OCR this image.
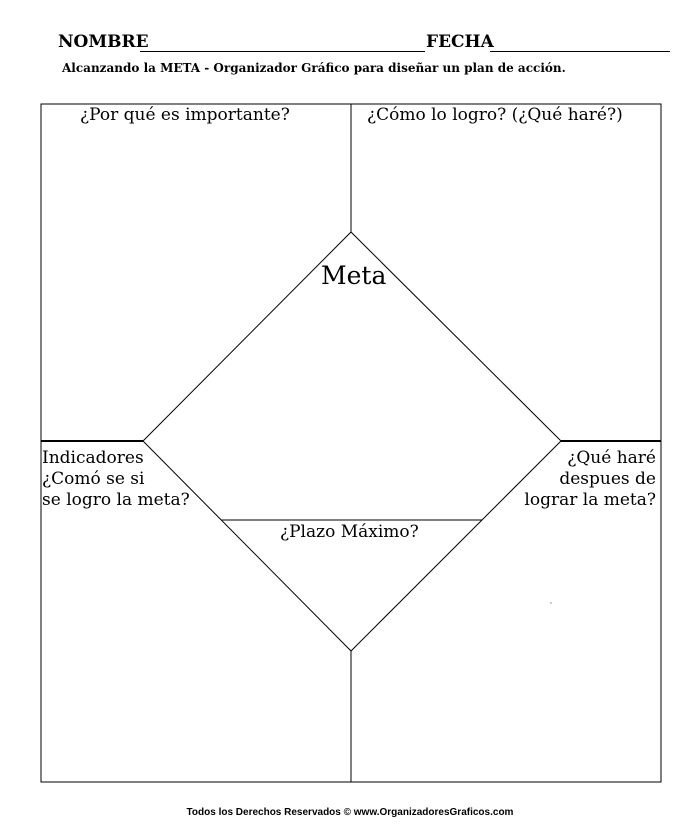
NOMBRE	FECHA
Alcanzando la META - Organizador Gráfico para diseñar un plan de acción.
¿Por qué es importante?	¿Cómo lo logro? (¿Qué haré?)
Meta
Indicadores
¿Comó se si
se logro la meta?
¿Qué haré
despues de
lograr la meta?
¿Plazo Máximo?
Todos los Derechos Reservados © www.OrganizadoresGraficos.com
